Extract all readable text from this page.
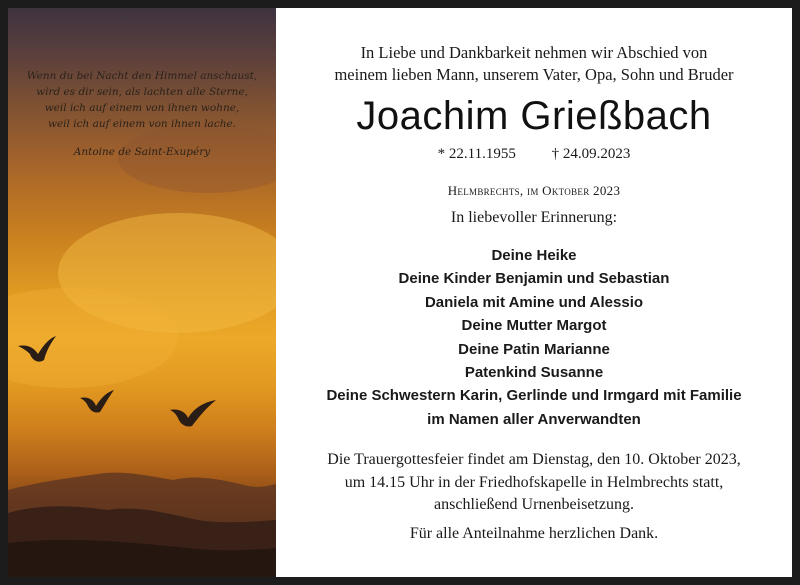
Wenn du bei Nacht den Himmel anschaust,
wird es dir sein, als lachten alle Sterne,
weil ich auf einem von ihnen wohne,
weil ich auf einem von ihnen lache.
Antoine de Saint-Exupéry
In Liebe und Dankbarkeit nehmen wir Abschied von
meinem lieben Mann, unserem Vater, Opa, Sohn und Bruder
Joachim Grießbach
* 22.11.1955 † 24.09.2023
Helmbrechts, im Oktober 2023
In liebevoller Erinnerung:
Deine Heike
Deine Kinder Benjamin und Sebastian
Daniela mit Amine und Alessio
Deine Mutter Margot
Deine Patin Marianne
Patenkind Susanne
Deine Schwestern Karin, Gerlinde und Irmgard mit Familie
im Namen aller Anverwandten
Die Trauergottesfeier findet am Dienstag, den 10. Oktober 2023,
um 14.15 Uhr in der Friedhofskapelle in Helmbrechts statt,
anschließend Urnenbeisetzung.
Für alle Anteilnahme herzlichen Dank.
